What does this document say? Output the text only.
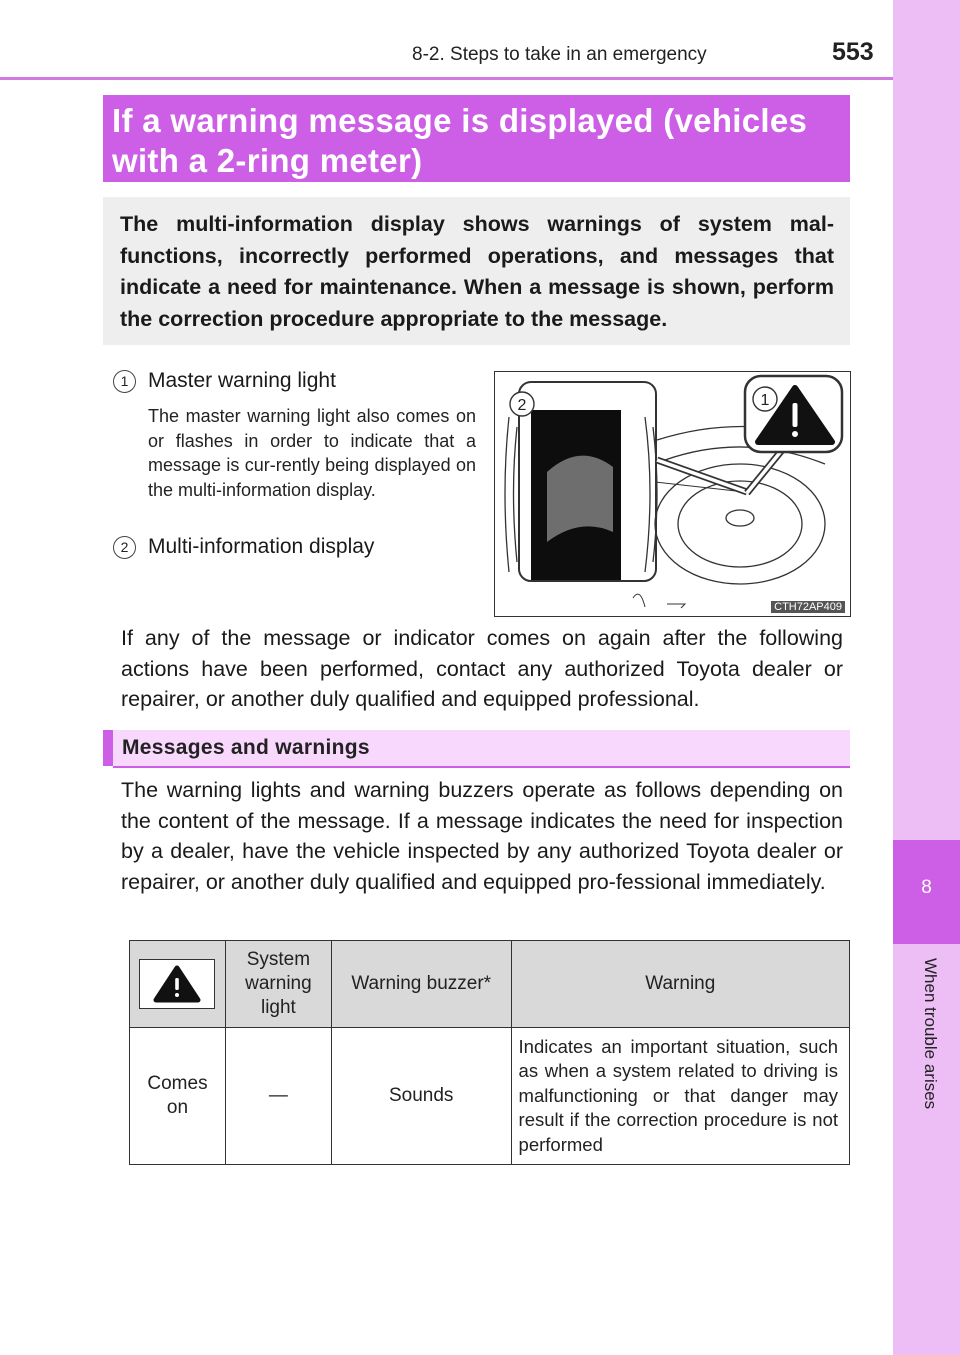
8-2. Steps to take in an emergency	553
8
When trouble arises
If a warning message is displayed (vehicles with a 2-ring meter)

The multi-information display shows warnings of system mal-functions, incorrectly performed operations, and messages that indicate a need for maintenance. When a message is shown, perform the correction procedure appropriate to the message.

1 Master warning light
The master warning light also comes on or flashes in order to indicate that a message is cur-rently being displayed on the multi-information display.
2 Multi-information display
2	1
CTH72AP409

If any of the message or indicator comes on again after the following actions have been performed, contact any authorized Toyota dealer or repairer, or another duly qualified and equipped professional.

Messages and warnings

The warning lights and warning buzzers operate as follows depending on the content of the message. If a message indicates the need for inspection by a dealer, have the vehicle inspected by any authorized Toyota dealer or repairer, or another duly qualified and equipped pro-fessional immediately.

	System warning light	Warning buzzer*	Warning
Comes on	—	Sounds	Indicates an important situation, such as when a system related to driving is malfunctioning or that danger may result if the correction procedure is not performed
